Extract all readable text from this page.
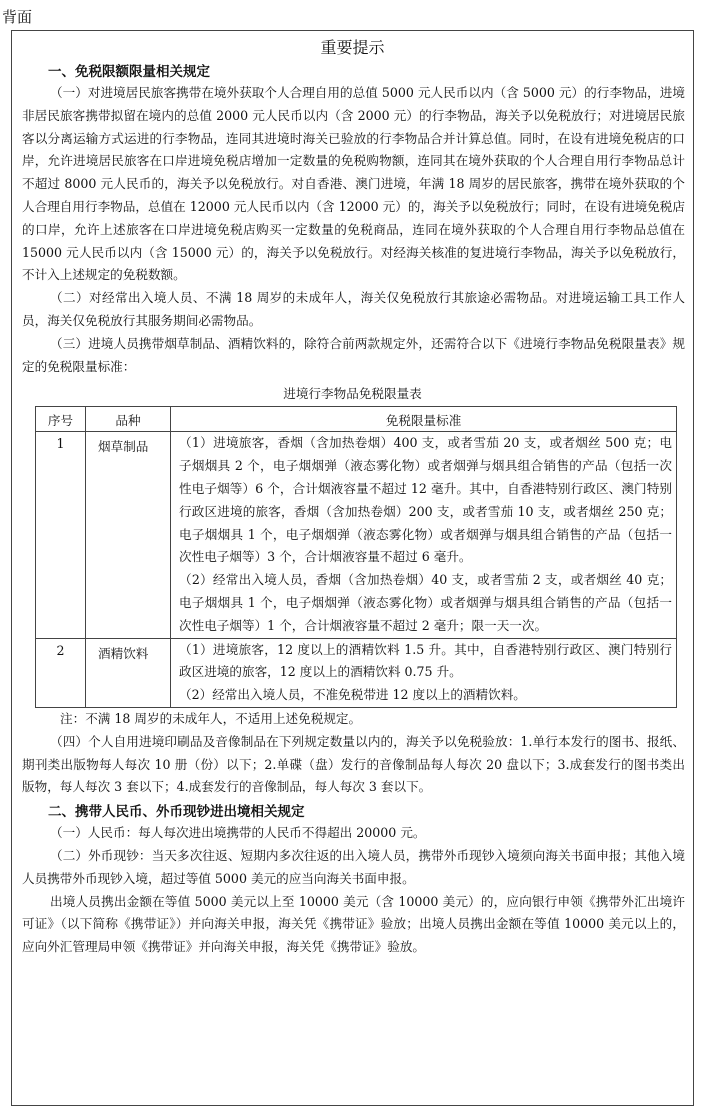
背面
重要提示
一、免税限额限量相关规定

（一）对进境居民旅客携带在境外获取个人合理自用的总值 5000 元人民币以内（含 5000 元）的行李物品，进境非居民旅客携带拟留在境内的总值 2000 元人民币以内（含 2000 元）的行李物品，海关予以免税放行；对进境居民旅客以分离运输方式运进的行李物品，连同其进境时海关已验放的行李物品合并计算总值。同时，在设有进境免税店的口岸，允许进境居民旅客在口岸进境免税店增加一定数量的免税购物额，连同其在境外获取的个人合理自用行李物品总计不超过 8000 元人民币的，海关予以免税放行。对自香港、澳门进境，年满 18 周岁的居民旅客，携带在境外获取的个人合理自用行李物品，总值在 12000 元人民币以内（含 12000 元）的，海关予以免税放行；同时，在设有进境免税店的口岸，允许上述旅客在口岸进境免税店购买一定数量的免税商品，连同在境外获取的个人合理自用行李物品总值在 15000 元人民币以内（含 15000 元）的，海关予以免税放行。对经海关核准的复进境行李物品，海关予以免税放行，不计入上述规定的免税数额。

（二）对经常出入境人员、不满 18 周岁的未成年人，海关仅免税放行其旅途必需物品。对进境运输工具工作人员，海关仅免税放行其服务期间必需物品。

（三）进境人员携带烟草制品、酒精饮料的，除符合前两款规定外，还需符合以下《进境行李物品免税限量表》规定的免税限量标准：

进境行李物品免税限量表
序号	品种	免税限量标准
1	烟草制品	（1）进境旅客，香烟（含加热卷烟）400 支，或者雪茄 20 支，或者烟丝 500 克；电子烟烟具 2 个，电子烟烟弹（液态雾化物）或者烟弹与烟具组合销售的产品（包括一次性电子烟等）6 个，合计烟液容量不超过 12 毫升。其中，自香港特别行政区、澳门特别行政区进境的旅客，香烟（含加热卷烟）200 支，或者雪茄 10 支，或者烟丝 250 克；电子烟烟具 1 个，电子烟烟弹（液态雾化物）或者烟弹与烟具组合销售的产品（包括一次性电子烟等）3 个，合计烟液容量不超过 6 毫升。
（2）经常出入境人员，香烟（含加热卷烟）40 支，或者雪茄 2 支，或者烟丝 40 克；电子烟烟具 1 个，电子烟烟弹（液态雾化物）或者烟弹与烟具组合销售的产品（包括一次性电子烟等）1 个，合计烟液容量不超过 2 毫升；限一天一次。

2	酒精饮料	（1）进境旅客，12 度以上的酒精饮料 1.5 升。其中，自香港特别行政区、澳门特别行政区进境的旅客，12 度以上的酒精饮料 0.75 升。
（2）经常出入境人员，不准免税带进 12 度以上的酒精饮料。
注：不满 18 周岁的未成年人，不适用上述免税规定。

（四）个人自用进境印刷品及音像制品在下列规定数量以内的，海关予以免税验放：1.单行本发行的图书、报纸、期刊类出版物每人每次 10 册（份）以下；2.单碟（盘）发行的音像制品每人每次 20 盘以下；3.成套发行的图书类出版物，每人每次 3 套以下；4.成套发行的音像制品，每人每次 3 套以下。

二、携带人民币、外币现钞进出境相关规定

（一）人民币：每人每次进出境携带的人民币不得超出 20000 元。

（二）外币现钞：当天多次往返、短期内多次往返的出入境人员，携带外币现钞入境须向海关书面申报；其他入境人员携带外币现钞入境，超过等值 5000 美元的应当向海关书面申报。

出境人员携出金额在等值 5000 美元以上至 10000 美元（含 10000 美元）的，应向银行申领《携带外汇出境许可证》（以下简称《携带证》）并向海关申报，海关凭《携带证》验放；出境人员携出金额在等值 10000 美元以上的，应向外汇管理局申领《携带证》并向海关申报，海关凭《携带证》验放。
